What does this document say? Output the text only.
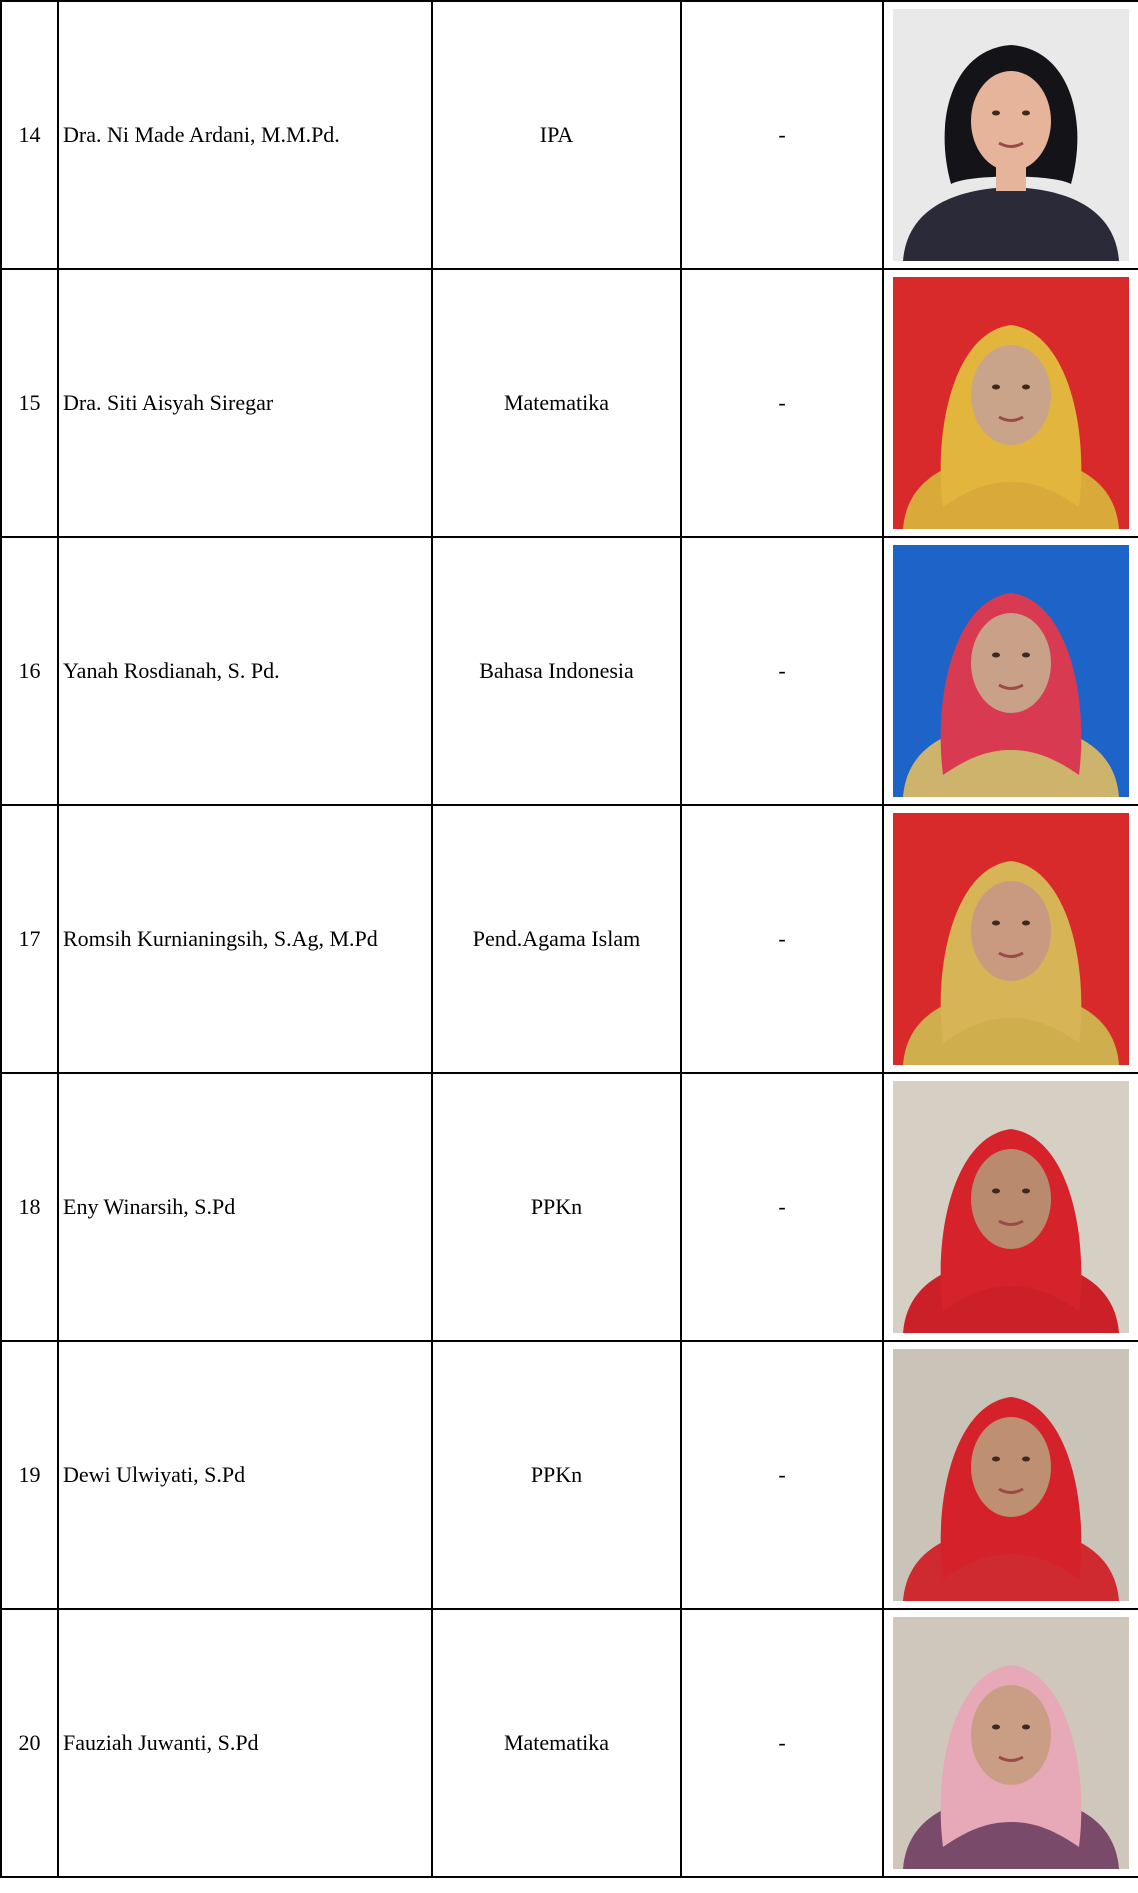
14	Dra. Ni Made Ardani, M.M.Pd.	IPA	-	

15	Dra. Siti Aisyah Siregar	Matematika	-	

16	Yanah Rosdianah, S. Pd.	Bahasa Indonesia	-	

17	Romsih Kurnianingsih, S.Ag, M.Pd	Pend.Agama Islam	-	

18	Eny Winarsih, S.Pd	PPKn	-	

19	Dewi Ulwiyati, S.Pd	PPKn	-	

20	Fauziah Juwanti, S.Pd	Matematika	-	
